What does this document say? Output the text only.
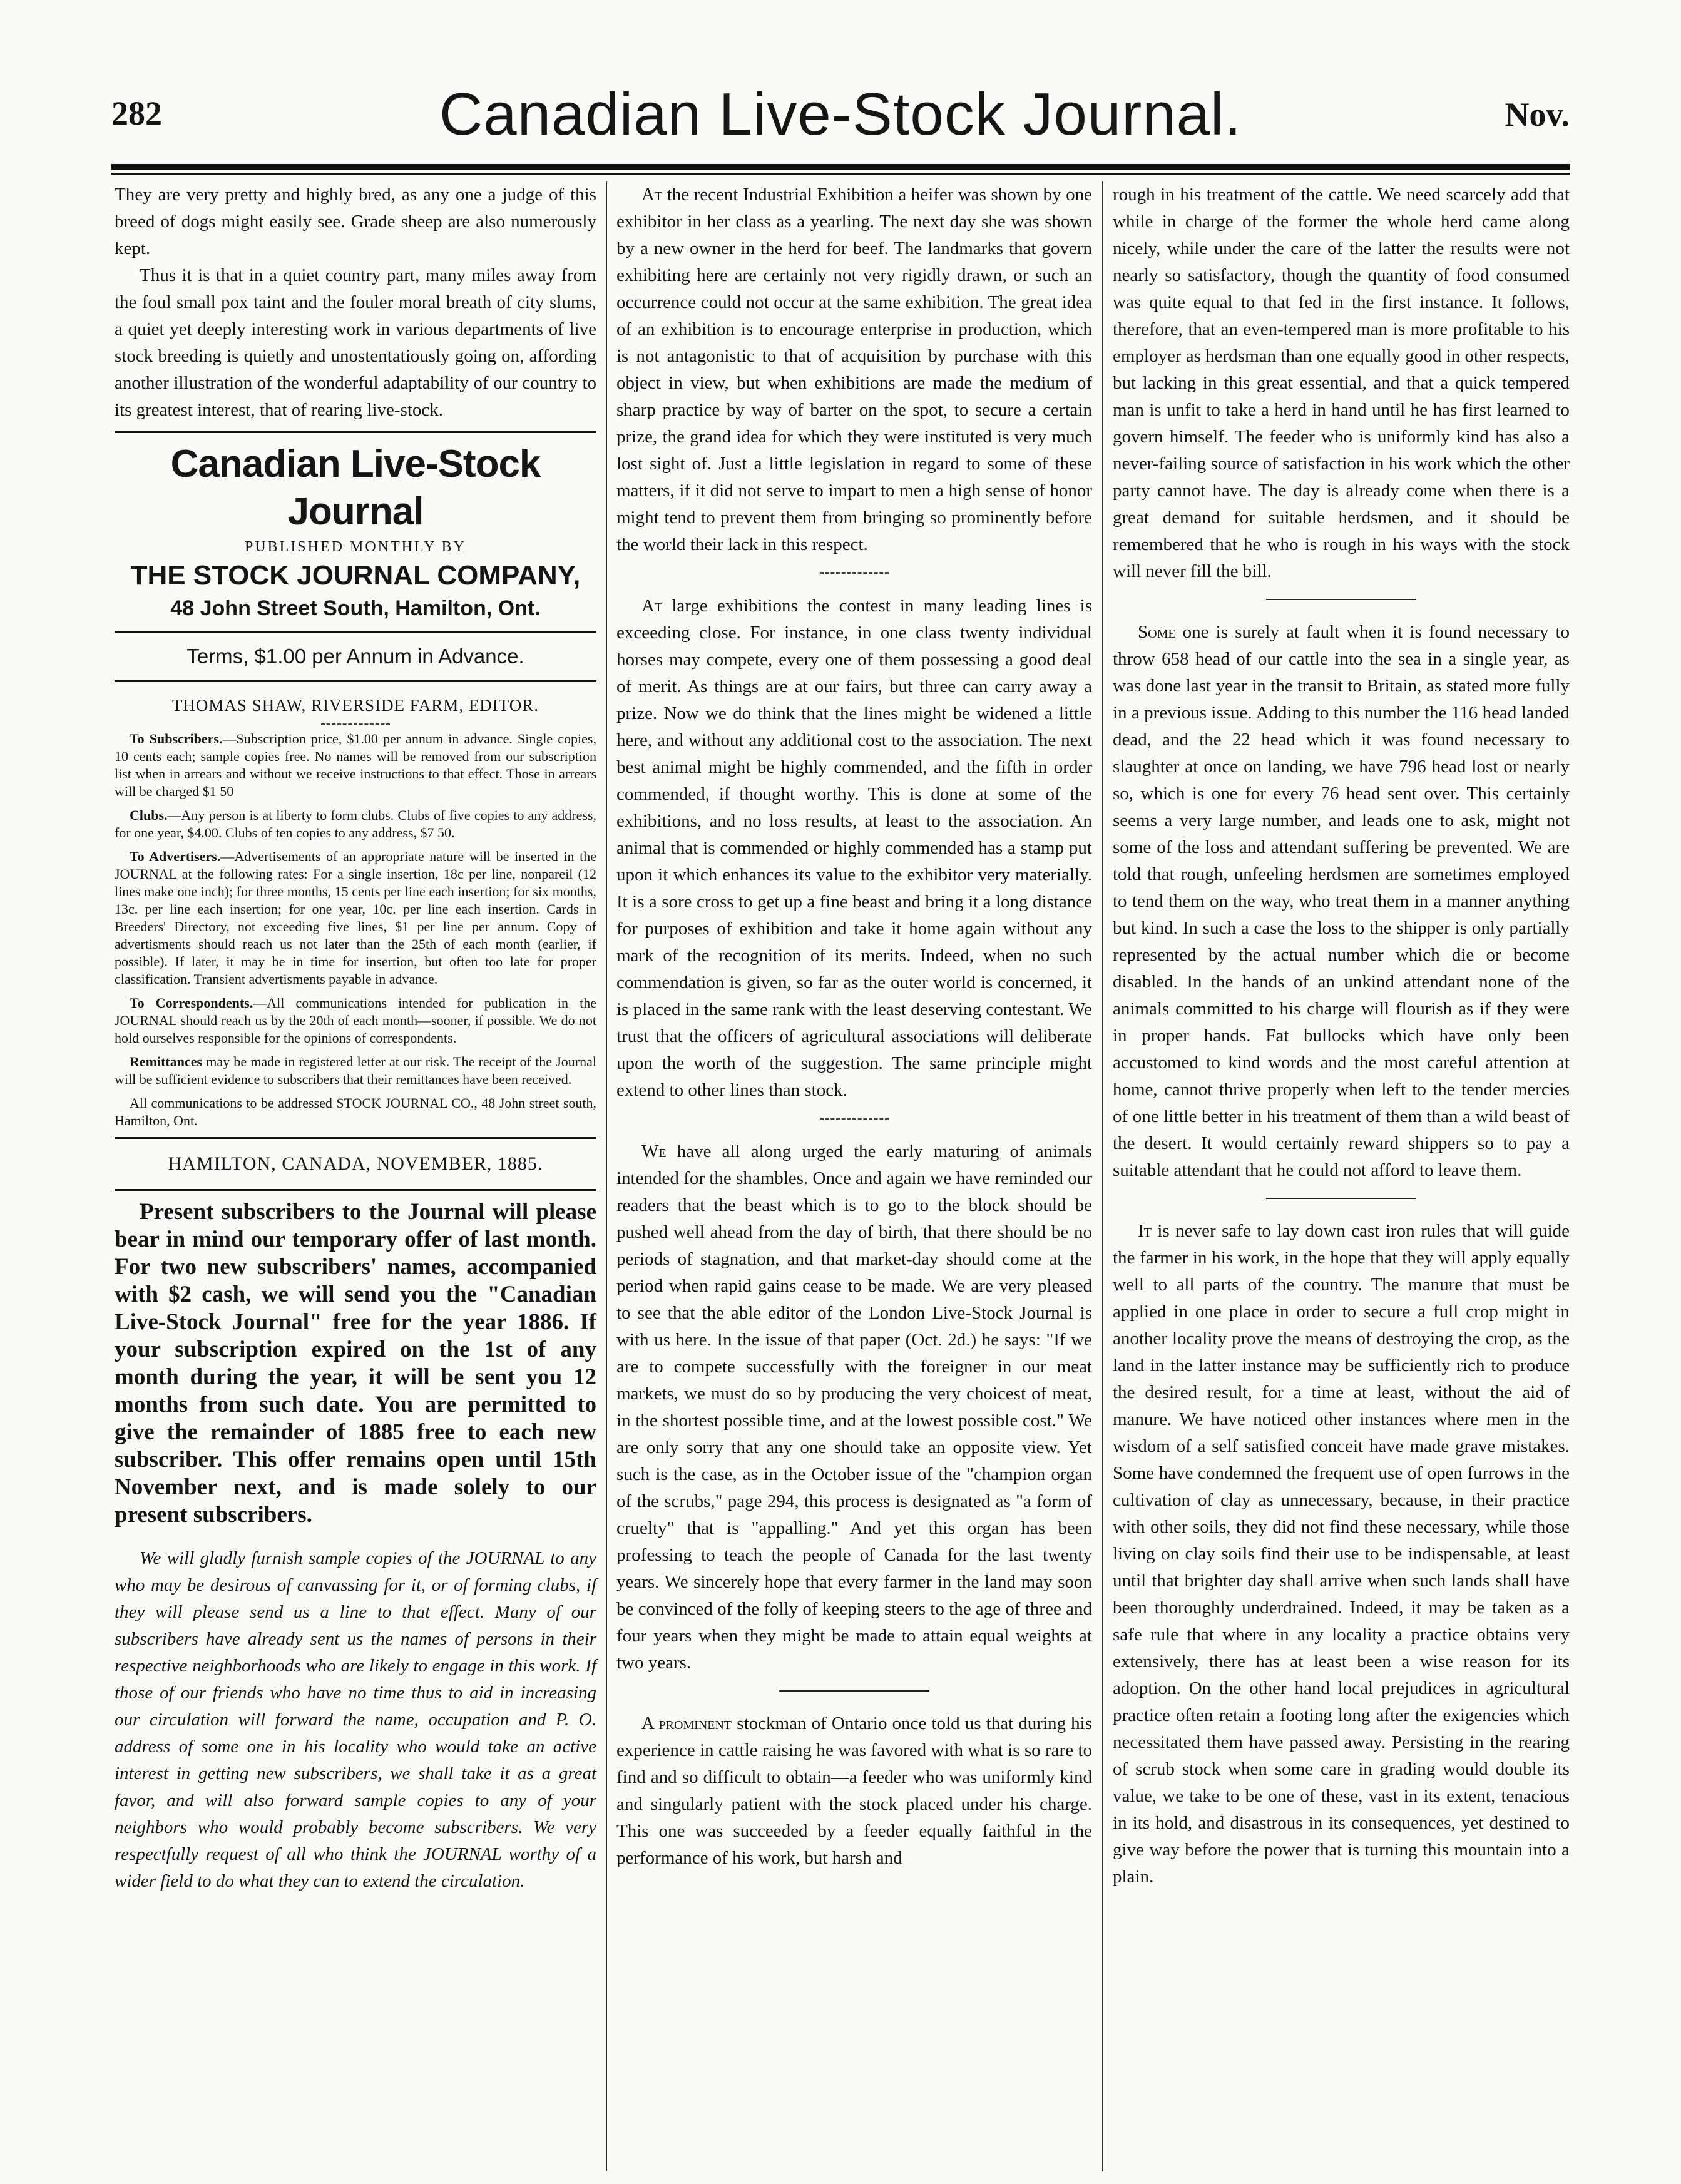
282	Canadian Live-Stock Journal.	Nov.

They are very pretty and highly bred, as any one a judge of this breed of dogs might easily see. Grade sheep are also numerously kept.

Thus it is that in a quiet country part, many miles away from the foul small pox taint and the fouler moral breath of city slums, a quiet yet deeply interesting work in various departments of live stock breeding is quietly and unostentatiously going on, affording another illustration of the wonderful adaptability of our country to its greatest interest, that of rearing live-stock.

Canadian Live-Stock Journal
PUBLISHED MONTHLY BY
THE STOCK JOURNAL COMPANY,
48 John Street South, Hamilton, Ont.
Terms, $1.00 per Annum in Advance.
THOMAS SHAW, RIVERSIDE FARM, EDITOR.

To Subscribers.—Subscription price, $1.00 per annum in advance. Single copies, 10 cents each; sample copies free. No names will be removed from our subscription list when in arrears and without we receive instructions to that effect. Those in arrears will be charged $1 50

Clubs.—Any person is at liberty to form clubs. Clubs of five copies to any address, for one year, $4.00. Clubs of ten copies to any address, $7 50.

To Advertisers.—Advertisements of an appropriate nature will be inserted in the JOURNAL at the following rates: For a single insertion, 18c per line, nonpareil (12 lines make one inch); for three months, 15 cents per line each insertion; for six months, 13c. per line each insertion; for one year, 10c. per line each insertion. Cards in Breeders' Directory, not exceeding five lines, $1 per line per annum. Copy of advertisments should reach us not later than the 25th of each month (earlier, if possible). If later, it may be in time for insertion, but often too late for proper classification. Transient advertisments payable in advance.

To Correspondents.—All communications intended for publication in the JOURNAL should reach us by the 20th of each month—sooner, if possible. We do not hold ourselves responsible for the opinions of correspondents.

Remittances may be made in registered letter at our risk. The receipt of the Journal will be sufficient evidence to subscribers that their remittances have been received.

All communications to be addressed STOCK JOURNAL CO., 48 John street south, Hamilton, Ont.

HAMILTON, CANADA, NOVEMBER, 1885.

Present subscribers to the Journal will please bear in mind our temporary offer of last month. For two new subscribers' names, accompanied with $2 cash, we will send you the "Canadian Live-Stock Journal" free for the year 1886. If your subscription expired on the 1st of any month during the year, it will be sent you 12 months from such date. You are permitted to give the remainder of 1885 free to each new subscriber. This offer remains open until 15th November next, and is made solely to our present subscribers.

We will gladly furnish sample copies of the JOURNAL to any who may be desirous of canvassing for it, or of forming clubs, if they will please send us a line to that effect. Many of our subscribers have already sent us the names of persons in their respective neighborhoods who are likely to engage in this work. If those of our friends who have no time thus to aid in increasing our circulation will forward the name, occupation and P. O. address of some one in his locality who would take an active interest in getting new subscribers, we shall take it as a great favor, and will also forward sample copies to any of your neighbors who would probably become subscribers. We very respectfully request of all who think the JOURNAL worthy of a wider field to do what they can to extend the circulation.

At the recent Industrial Exhibition a heifer was shown by one exhibitor in her class as a yearling. The next day she was shown by a new owner in the herd for beef. The landmarks that govern exhibiting here are certainly not very rigidly drawn, or such an occurrence could not occur at the same exhibition. The great idea of an exhibition is to encourage enterprise in production, which is not antagonistic to that of acquisition by purchase with this object in view, but when exhibitions are made the medium of sharp practice by way of barter on the spot, to secure a certain prize, the grand idea for which they were instituted is very much lost sight of. Just a little legislation in regard to some of these matters, if it did not serve to impart to men a high sense of honor might tend to prevent them from bringing so prominently before the world their lack in this respect.

At large exhibitions the contest in many leading lines is exceeding close. For instance, in one class twenty individual horses may compete, every one of them possessing a good deal of merit. As things are at our fairs, but three can carry away a prize. Now we do think that the lines might be widened a little here, and without any additional cost to the association. The next best animal might be highly commended, and the fifth in order commended, if thought worthy. This is done at some of the exhibitions, and no loss results, at least to the association. An animal that is commended or highly commended has a stamp put upon it which enhances its value to the exhibitor very materially. It is a sore cross to get up a fine beast and bring it a long distance for purposes of exhibition and take it home again without any mark of the recognition of its merits. Indeed, when no such commendation is given, so far as the outer world is concerned, it is placed in the same rank with the least deserving contestant. We trust that the officers of agricultural associations will deliberate upon the worth of the suggestion. The same principle might extend to other lines than stock.

We have all along urged the early maturing of animals intended for the shambles. Once and again we have reminded our readers that the beast which is to go to the block should be pushed well ahead from the day of birth, that there should be no periods of stagnation, and that market-day should come at the period when rapid gains cease to be made. We are very pleased to see that the able editor of the London Live-Stock Journal is with us here. In the issue of that paper (Oct. 2d.) he says: "If we are to compete successfully with the foreigner in our meat markets, we must do so by producing the very choicest of meat, in the shortest possible time, and at the lowest possible cost." We are only sorry that any one should take an opposite view. Yet such is the case, as in the October issue of the "champion organ of the scrubs," page 294, this process is designated as "a form of cruelty" that is "appalling." And yet this organ has been professing to teach the people of Canada for the last twenty years. We sincerely hope that every farmer in the land may soon be convinced of the folly of keeping steers to the age of three and four years when they might be made to attain equal weights at two years.

A prominent stockman of Ontario once told us that during his experience in cattle raising he was favored with what is so rare to find and so difficult to obtain—a feeder who was uniformly kind and singularly patient with the stock placed under his charge. This one was succeeded by a feeder equally faithful in the performance of his work, but harsh and

rough in his treatment of the cattle. We need scarcely add that while in charge of the former the whole herd came along nicely, while under the care of the latter the results were not nearly so satisfactory, though the quantity of food consumed was quite equal to that fed in the first instance. It follows, therefore, that an even-tempered man is more profitable to his employer as herdsman than one equally good in other respects, but lacking in this great essential, and that a quick tempered man is unfit to take a herd in hand until he has first learned to govern himself. The feeder who is uniformly kind has also a never-failing source of satisfaction in his work which the other party cannot have. The day is already come when there is a great demand for suitable herdsmen, and it should be remembered that he who is rough in his ways with the stock will never fill the bill.

Some one is surely at fault when it is found necessary to throw 658 head of our cattle into the sea in a single year, as was done last year in the transit to Britain, as stated more fully in a previous issue. Adding to this number the 116 head landed dead, and the 22 head which it was found necessary to slaughter at once on landing, we have 796 head lost or nearly so, which is one for every 76 head sent over. This certainly seems a very large number, and leads one to ask, might not some of the loss and attendant suffering be prevented. We are told that rough, unfeeling herdsmen are sometimes employed to tend them on the way, who treat them in a manner anything but kind. In such a case the loss to the shipper is only partially represented by the actual number which die or become disabled. In the hands of an unkind attendant none of the animals committed to his charge will flourish as if they were in proper hands. Fat bullocks which have only been accustomed to kind words and the most careful attention at home, cannot thrive properly when left to the tender mercies of one little better in his treatment of them than a wild beast of the desert. It would certainly reward shippers so to pay a suitable attendant that he could not afford to leave them.

It is never safe to lay down cast iron rules that will guide the farmer in his work, in the hope that they will apply equally well to all parts of the country. The manure that must be applied in one place in order to secure a full crop might in another locality prove the means of destroying the crop, as the land in the latter instance may be sufficiently rich to produce the desired result, for a time at least, without the aid of manure. We have noticed other instances where men in the wisdom of a self satisfied conceit have made grave mistakes. Some have condemned the frequent use of open furrows in the cultivation of clay as unnecessary, because, in their practice with other soils, they did not find these necessary, while those living on clay soils find their use to be indispensable, at least until that brighter day shall arrive when such lands shall have been thoroughly underdrained. Indeed, it may be taken as a safe rule that where in any locality a practice obtains very extensively, there has at least been a wise reason for its adoption. On the other hand local prejudices in agricultural practice often retain a footing long after the exigencies which necessitated them have passed away. Persisting in the rearing of scrub stock when some care in grading would double its value, we take to be one of these, vast in its extent, tenacious in its hold, and disastrous in its consequences, yet destined to give way before the power that is turning this mountain into a plain.
